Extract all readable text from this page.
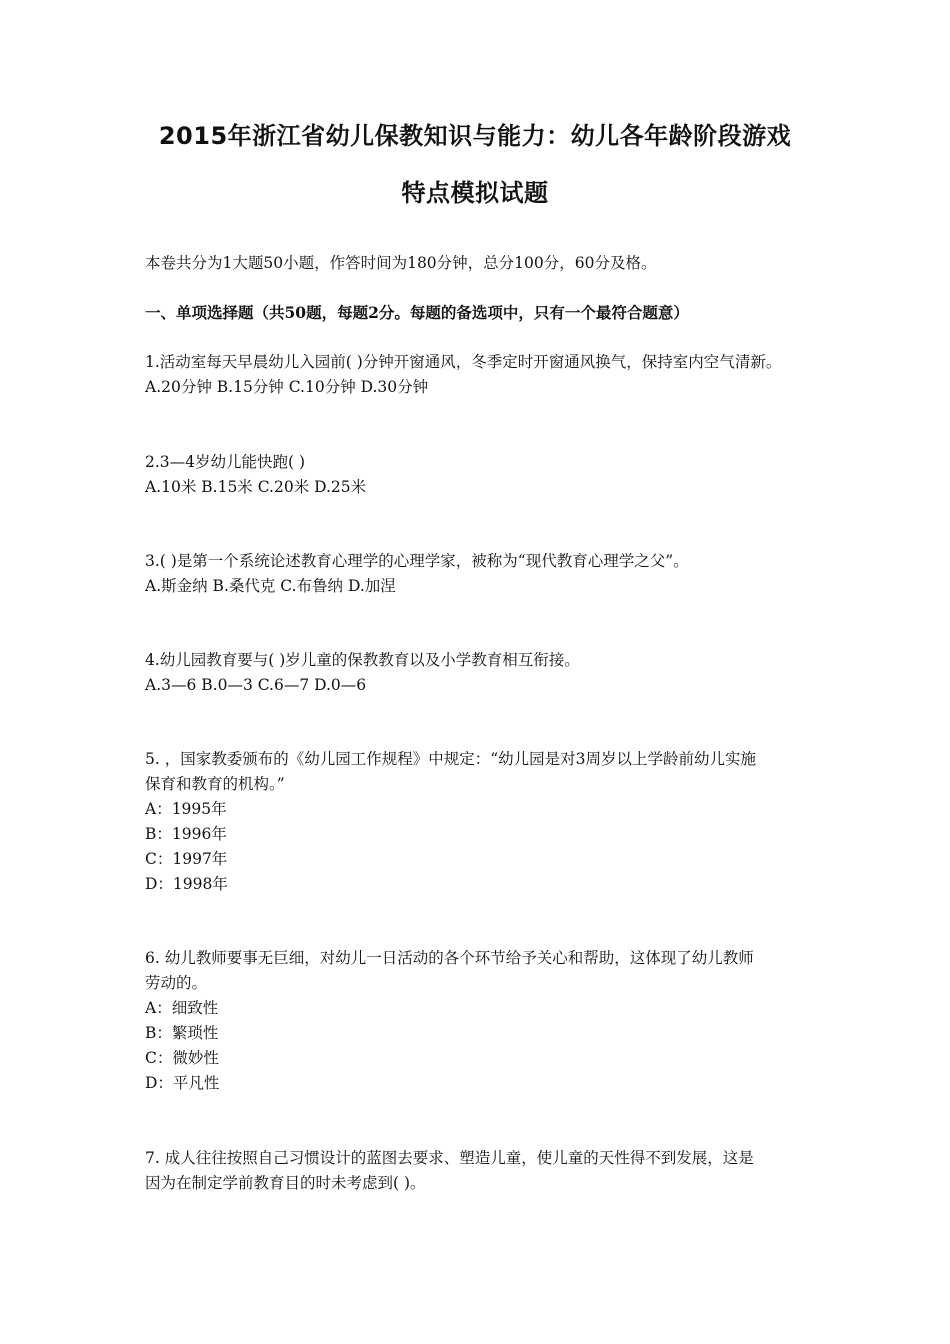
2015年浙江省幼儿保教知识与能力：幼儿各年龄阶段游戏
特点模拟试题
本卷共分为1大题50小题，作答时间为180分钟，总分100分，60分及格。
一、单项选择题（共50题，每题2分。每题的备选项中，只有一个最符合题意）
1.活动室每天早晨幼儿入园前( )分钟开窗通风，冬季定时开窗通风换气，保持室内空气清新。
A.20分钟 B.15分钟 C.10分钟 D.30分钟
2.3—4岁幼儿能快跑( )
A.10米 B.15米 C.20米 D.25米
3.( )是第一个系统论述教育心理学的心理学家，被称为“现代教育心理学之父”。
A.斯金纳 B.桑代克 C.布鲁纳 D.加涅
4.幼儿园教育要与( )岁儿童的保教教育以及小学教育相互衔接。
A.3—6 B.0—3 C.6—7 D.0—6
5. ，国家教委颁布的《幼儿园工作规程》中规定：“幼儿园是对3周岁以上学龄前幼儿实施
保育和教育的机构。”
A：1995年
B：1996年
C：1997年
D：1998年
6. 幼儿教师要事无巨细，对幼儿一日活动的各个环节给予关心和帮助，这体现了幼儿教师
劳动的。
A：细致性
B：繁琐性
C：微妙性
D：平凡性
7. 成人往往按照自己习惯设计的蓝图去要求、塑造儿童，使儿童的天性得不到发展，这是
因为在制定学前教育目的时未考虑到( )。
